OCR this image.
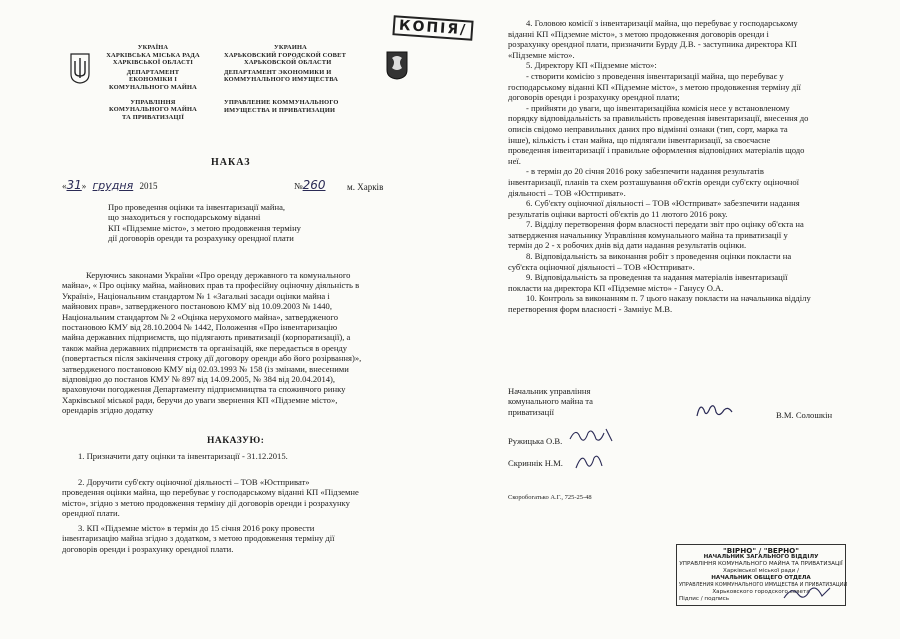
УКРАЇНА
ХАРКІВСЬКА МІСЬКА РАДА
ХАРКІВСЬКОЇ ОБЛАСТІ
ДЕПАРТАМЕНТ
ЕКОНОМІКИ І
КОМУНАЛЬНОГО МАЙНА
УПРАВЛІННЯ
КОМУНАЛЬНОГО МАЙНА
ТА ПРИВАТИЗАЦІЇ
УКРАИНА
ХАРЬКОВСКИЙ ГОРОДСКОЙ СОВЕТ
ХАРЬКОВСКОЙ ОБЛАСТИ
ДЕПАРТАМЕНТ ЭКОНОМИКИ И
КОММУНАЛЬНОГО ИМУЩЕСТВА
УПРАВЛЕНИЕ КОММУНАЛЬНОГО
ИМУЩЕСТВА И ПРИВАТИЗАЦИИ
КОПІЯ/
НАКАЗ
«31» грудня 2015	№260 м. Харків
Про проведення оцінки та інвентаризації майна,
що знаходиться у господарському віданні
КП «Підземне місто», з метою продовження терміну
дії договорів оренди та розрахунку орендної плати
Керуючись законами України «Про оренду державного та комунального
майна», « Про оцінку майна, майнових прав та професійну оціночну діяльність в
Україні», Національним стандартом № 1 «Загальні засади оцінки майна і
майнових прав», затвердженого постановою КМУ від 10.09.2003 № 1440,
Національним стандартом № 2 «Оцінка нерухомого майна», затвердженого
постановою КМУ від 28.10.2004 № 1442, Положення «Про інвентаризацію
майна державних підприємств, що підлягають приватизації (корпоратизації), а
також майна державних підприємств та організацій, яке передається в оренду
(повертається після закінчення строку дії договору оренди або його розірвання)»,
затвердженого постановою КМУ від 02.03.1993 № 158 (із змінами, внесеними
відповідно до постанов КМУ № 897 від 14.09.2005, № 384 від 20.04.2014),
враховуючи погодження Департаменту підприємництва та споживчого ринку
Харківської міської ради, беручи до уваги звернення КП «Підземне місто»,
орендарів згідно додатку
НАКАЗУЮ:
1. Призначити дату оцінки та інвентаризації - 31.12.2015.
2. Доручити суб'єкту оціночної діяльності – ТОВ «Юстприват»
проведення оцінки майна, що перебуває у господарському віданні КП «Підземне
місто», згідно з метою продовження терміну дії договорів оренди і розрахунку
орендної плати.
3. КП «Підземне місто» в термін до 15 січня 2016 року провести
інвентаризацію майна згідно з додатком, з метою продовження терміну дії
договорів оренди і розрахунку орендної плати.
4. Головою комісії з інвентаризації майна, що перебуває у господарському
віданні КП «Підземне місто», з метою продовження договорів оренди і
розрахунку орендної плати, призначити Бурду Д.В. - заступника директора КП
«Підземне місто».
5. Директору КП «Підземне місто»:
- створити комісію з проведення інвентаризації майна, що перебуває у
господарському віданні КП «Підземне місто», з метою продовження терміну дії
договорів оренди і розрахунку орендної плати;
- прийняти до уваги, що інвентаризаційна комісія несе у встановленому
порядку відповідальність за правильність проведення інвентаризації, внесення до
описів свідомо неправильних даних про відмінні ознаки (тип, сорт, марка та
інше), кількість і стан майна, що підлягали інвентаризації, за своєчасне
проведення інвентаризації і правильне оформлення відповідних матеріалів щодо
неї.
- в термін до 20 січня 2016 року забезпечити надання результатів
інвентаризації, планів та схем розташування об'єктів оренди суб'єкту оціночної
діяльності – ТОВ «Юстприват».
6. Суб'єкту оціночної діяльності – ТОВ «Юстприват» забезпечити надання
результатів оцінки вартості об'єктів до 11 лютого 2016 року.
7. Відділу перетворення форм власності передати звіт про оцінку об'єкта на
затвердження начальнику Управління комунального майна та приватизації у
термін до 2 - х робочих днів від дати надання результатів оцінки.
8. Відповідальність за виконання робіт з проведення оцінки покласти на
суб'єкта оціночної діяльності – ТОВ «Юстприват».
9. Відповідальність за проведення та надання матеріалів інвентаризації
покласти на директора КП «Підземне місто» - Ганусу О.А.
10. Контроль за виконанням п. 7 цього наказу покласти на начальника відділу
перетворення форм власності - Замніус М.В.
Начальник управління
комунального майна та
приватизації	В.М. Солошкін
Ружицька О.В.
Скриннік Н.М.
Скоробогатько А.Г., 725-25-48
"ВІРНО" / "ВЕРНО"
НАЧАЛЬНИК ЗАГАЛЬНОГО ВІДДІЛУ
УПРАВЛІННЯ КОМУНАЛЬНОГО МАЙНА ТА ПРИВАТИЗАЦІЇ
Харківської міської ради /
НАЧАЛЬНИК ОБЩЕГО ОТДЕЛА
УПРАВЛЕНИЯ КОММУНАЛЬНОГО ИМУЩЕСТВА И ПРИВАТИЗАЦИИ
Харьковского городского совета
Підпис / подпись
